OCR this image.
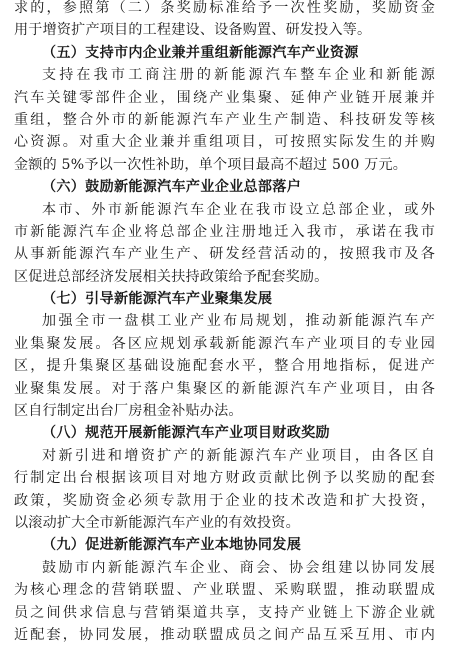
求的，参照第（二）条奖励标准给予一次性奖励，奖励资金
用于增资扩产项目的工程建设、设备购置、研发投入等。
（五）支持市内企业兼并重组新能源汽车产业资源
支持在我市工商注册的新能源汽车整车企业和新能源
汽车关键零部件企业，围绕产业集聚、延伸产业链开展兼并
重组，整合外市的新能源汽车产业生产制造、科技研发等核
心资源。对重大企业兼并重组项目，可按照实际发生的并购
金额的 5%予以一次性补助，单个项目最高不超过 500 万元。
（六）鼓励新能源汽车产业企业总部落户
本市、外市新能源汽车企业在我市设立总部企业，或外
市新能源汽车企业将总部企业注册地迁入我市，承诺在我市
从事新能源汽车产业生产、研发经营活动的，按照我市及各
区促进总部经济发展相关扶持政策给予配套奖励。
（七）引导新能源汽车产业聚集发展
加强全市一盘棋工业产业布局规划，推动新能源汽车产
业集聚发展。各区应规划承载新能源汽车产业项目的专业园
区，提升集聚区基础设施配套水平，整合用地指标，促进产
业聚集发展。对于落户集聚区的新能源汽车产业项目，由各
区自行制定出台厂房租金补贴办法。
（八）规范开展新能源汽车产业项目财政奖励
对新引进和增资扩产的新能源汽车产业项目，由各区自
行制定出台根据该项目对地方财政贡献比例予以奖励的配套
政策，奖励资金必须专款用于企业的技术改造和扩大投资，
以滚动扩大全市新能源汽车产业的有效投资。
（九）促进新能源汽车产业本地协同发展
鼓励市内新能源汽车企业、商会、协会组建以协同发展
为核心理念的营销联盟、产业联盟、采购联盟，推动联盟成
员之间供求信息与营销渠道共享，支持产业链上下游企业就
近配套，协同发展，推动联盟成员之间产品互采互用、市内
